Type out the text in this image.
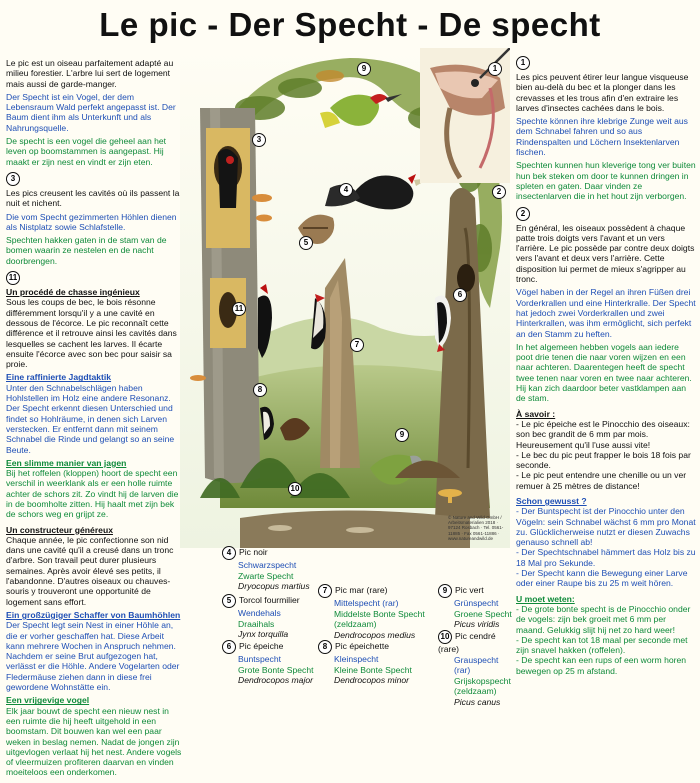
Le pic - Der Specht - De specht
Le pic est un oiseau parfaitement adapté au milieu forestier. L'arbre lui sert de logement mais aussi de garde-manger.
Der Specht ist ein Vogel, der dem Lebensraum Wald perfekt angepasst ist. Der Baum dient ihm als Unterkunft und als Nahrungsquelle.
De specht is een vogel die geheel aan het leven op boomstammen is aangepast. Hij maakt er zijn nest en vindt er zijn eten.
3
Les pics creusent les cavités où ils passent la nuit et nichent.
Die vom Specht gezimmerten Höhlen dienen als Nistplatz sowie Schlafstelle.
Spechten hakken gaten in de stam van de bomen waarin ze nestelen en de nacht doorbrengen.
11
Un procédé de chasse ingénieux
Sous les coups de bec, le bois résonne différemment lorsqu'il y a une cavité en dessous de l'écorce. Le pic reconnaît cette différence et il retrouve ainsi les cavités dans lesquelles se cachent les larves. Il écarte ensuite l'écorce avec son bec pour saisir sa proie.
Eine raffinierte Jagdtaktik
Unter den Schnabelschlägen haben Hohlstellen im Holz eine andere Resonanz. Der Specht erkennt diesen Unterschied und findet so Hohlräume, in denen sich Larven verstecken. Er entfernt dann mit seinem Schnabel die Rinde und gelangt so an seine Beute.
Een slimme manier van jagen
Bij het roffelen (kloppen) hoort de specht een verschil in weerklank als er een holle ruimte achter de schors zit. Zo vindt hij de larven die in de boomholte zitten. Hij haalt met zijn bek de schors weg en grijpt ze.
Un constructeur généreux
Chaque année, le pic confectionne son nid dans une cavité qu'il a creusé dans un tronc d'arbre. Son travail peut durer plusieurs semaines. Après avoir élevé ses petits, il l'abandonne. D'autres oiseaux ou chauves-souris y trouveront une opportunité de logement sans effort.
Ein großzügiger Schaffer von Baumhöhlen
Der Specht legt sein Nest in einer Höhle an, die er vorher geschaffen hat. Diese Arbeit kann mehrere Wochen in Anspruch nehmen. Nachdem er seine Brut aufgezogen hat, verlässt er die Höhle. Andere Vogelarten oder Fledermäuse ziehen dann in diese frei gewordene Wohnstätte ein.
Een vrijgevige vogel
Elk jaar bouwt de specht een nieuw nest in een ruimte die hij heeft uitgehold in een boomstam. Dit bouwen kan wel een paar weken in beslag nemen. Nadat de jongen zijn uitgevlogen verlaat hij het nest. Andere vogels of vleermuizen profiteren daarvan en vinden moeiteloos een onderkomen.
1
Les pics peuvent étirer leur langue visqueuse bien au-delà du bec et la plonger dans les crevasses et les trous afin d'en extraire les larves d'insectes cachées dans le bois.
Spechte können ihre klebrige Zunge weit aus dem Schnabel fahren und so aus Rindenspalten und Löchern Insektenlarven fischen.
Spechten kunnen hun kleverige tong ver buiten hun bek steken om door te kunnen dringen in spleten en gaten. Daar vinden ze insectenlarven die in het hout zijn verborgen.
2
En général, les oiseaux possèdent à chaque patte trois doigts vers l'avant et un vers l'arrière. Le pic possède par contre deux doigts vers l'avant et deux vers l'arrière. Cette disposition lui permet de mieux s'agripper au tronc.
Vögel haben in der Regel an ihren Füßen drei Vorderkrallen und eine Hinterkralle. Der Specht hat jedoch zwei Vorderkrallen und zwei Hinterkrallen, was ihm ermöglicht, sich perfekt an den Stamm zu heften.
In het algemeen hebben vogels aan iedere poot drie tenen die naar voren wijzen en een naar achteren. Daarentegen heeft de specht twee tenen naar voren en twee naar achteren. Hij kan zich daardoor beter vastklampen aan de stam.
À savoir :
- Le pic épeiche est le Pinocchio des oiseaux: son bec grandit de 6 mm par mois. Heureusement qu'il l'use aussi vite!
- Le bec du pic peut frapper le bois 18 fois par seconde.
- Le pic peut entendre une chenille ou un ver remuer à 25 mètres de distance!
Schon gewusst ?
- Der Buntspecht ist der Pinocchio unter den Vögeln: sein Schnabel wächst 6 mm pro Monat zu. Glücklicherweise nutzt er diesen Zuwachs genauso schnell ab!
- Der Spechtschnabel hämmert das Holz bis zu 18 Mal pro Sekunde.
- Der Specht kann die Bewegung einer Larve oder einer Raupe bis zu 25 m weit hören.
U moet weten:
- De grote bonte specht is de Pinocchio onder de vogels: zijn bek groeit met 6 mm per maand. Gelukkig slijt hij net zo hard weer!
- De specht kan tot 18 maal per seconde met zijn snavel hakken (roffelen).
- De specht kan een rups of een worm horen bewegen op 25 m afstand.
9	1
3
4
11
5
6
7
8
2
9
10
© Nature and Wild GmbH / Arbeitsmaterialien 2018 · 97124 Rosbach · Tel. 0561-11885 · Fax 0561-11886 · www.natureandwild.de
4 Pic noir
Schwarzspecht
Zwarte Specht
Dryocopus martius
5 Torcol fourmilier
Wendehals
Draaihals
Jynx torquilla
6 Pic épeiche
Buntspecht
Grote Bonte Specht
Dendrocopos major
7 Pic mar (rare)
Mittelspecht (rar)
Middelste Bonte Specht (zeldzaam)
Dendrocopos medius
8 Pic épeichette
Kleinspecht
Kleine Bonte Specht
Dendrocopos minor
9 Pic vert
Grünspecht
Groene Specht
Picus viridis
10 Pic cendré (rare)
Grauspecht (rar)
Grijskopspecht (zeldzaam)
Picus canus
